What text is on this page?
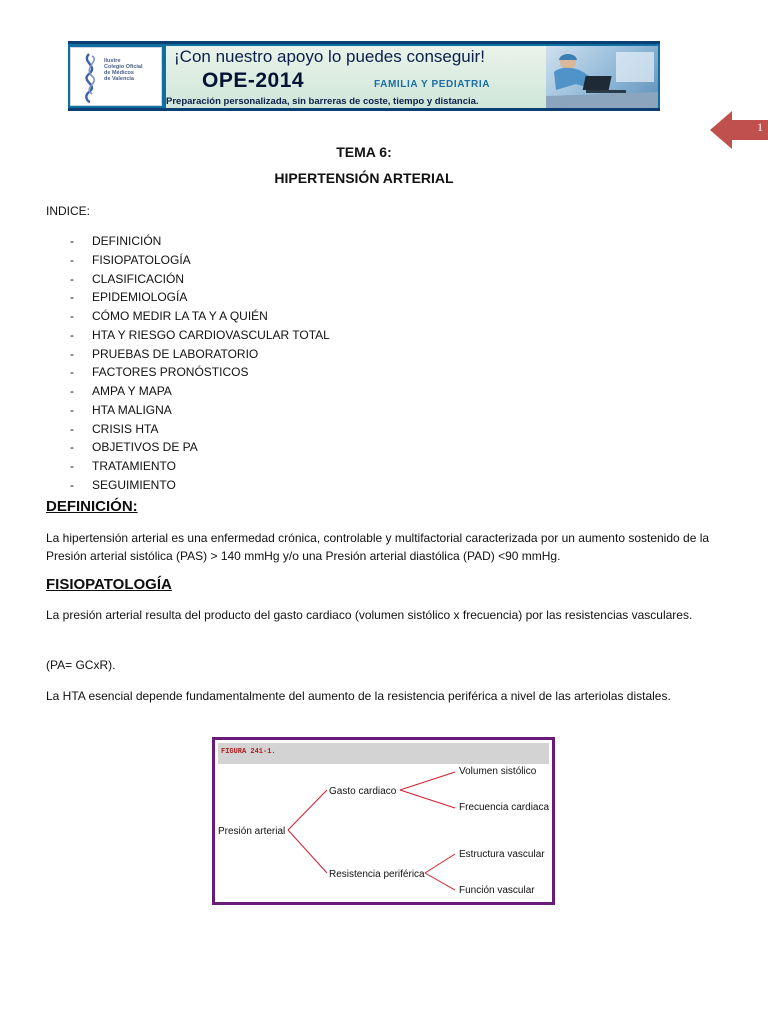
Ilustre
Colegio Oficial
de Médicos
de Valencia
¡Con nuestro apoyo lo puedes conseguir!
OPE-2014	FAMILIA Y PEDIATRIA
Preparación personalizada, sin barreras de coste, tiempo y distancia.
1
TEMA 6:
HIPERTENSIÓN ARTERIAL
INDICE:
- DEFINICIÓN
- FISIOPATOLOGÍA
- CLASIFICACIÓN
- EPIDEMIOLOGÍA
- CÓMO MEDIR LA TA Y A QUIÉN
- HTA Y RIESGO CARDIOVASCULAR TOTAL
- PRUEBAS DE LABORATORIO
- FACTORES PRONÓSTICOS
- AMPA Y MAPA
- HTA MALIGNA
- CRISIS HTA
- OBJETIVOS DE PA
- TRATAMIENTO
- SEGUIMIENTO
DEFINICIÓN:

La hipertensión arterial es una enfermedad crónica, controlable y multifactorial caracterizada por un aumento sostenido de la Presión arterial sistólica (PAS) > 140 mmHg y/o una Presión arterial diastólica (PAD) <90 mmHg.

FISIOPATOLOGÍA

La presión arterial resulta del producto del gasto cardiaco (volumen sistólico x frecuencia) por las resistencias vasculares.

(PA= GCxR).

La HTA esencial depende fundamentalmente del aumento de la resistencia periférica a nivel de las arteriolas distales.

FIGURA 241-1.
Presión arterial
Gasto cardiaco
Resistencia periférica
Volumen sistólico
Frecuencia cardiaca
Estructura vascular
Función vascular
